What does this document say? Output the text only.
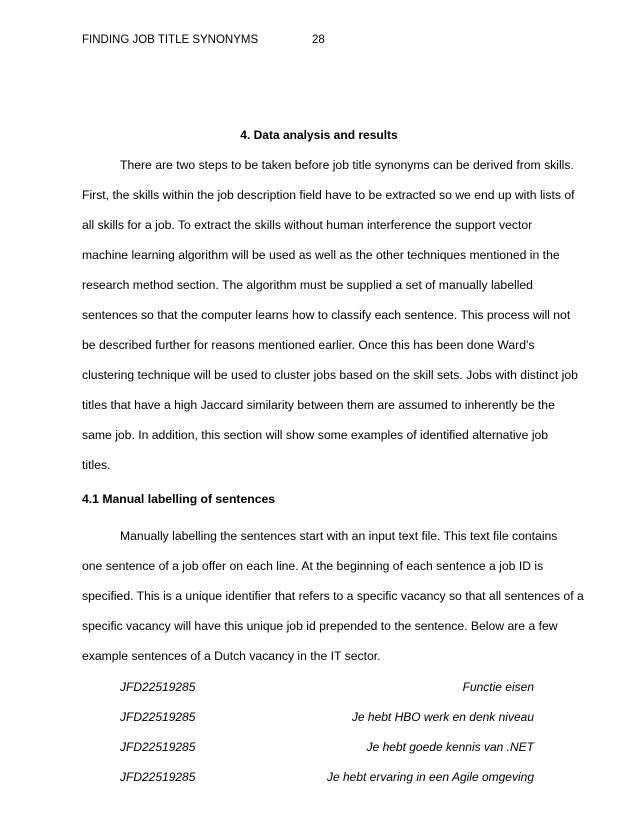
FINDING JOB TITLE SYNONYMS	28
4. Data analysis and results
There are two steps to be taken before job title synonyms can be derived from skills.
First, the skills within the job description field have to be extracted so we end up with lists of
all skills for a job. To extract the skills without human interference the support vector
machine learning algorithm will be used as well as the other techniques mentioned in the
research method section. The algorithm must be supplied a set of manually labelled
sentences so that the computer learns how to classify each sentence. This process will not
be described further for reasons mentioned earlier. Once this has been done Ward’s
clustering technique will be used to cluster jobs based on the skill sets. Jobs with distinct job
titles that have a high Jaccard similarity between them are assumed to inherently be the
same job. In addition, this section will show some examples of identified alternative job
titles.
4.1 Manual labelling of sentences
Manually labelling the sentences start with an input text file. This text file contains
one sentence of a job offer on each line. At the beginning of each sentence a job ID is
specified. This is a unique identifier that refers to a specific vacancy so that all sentences of a
specific vacancy will have this unique job id prepended to the sentence. Below are a few
example sentences of a Dutch vacancy in the IT sector.
JFD22519285	Functie eisen
JFD22519285	Je hebt HBO werk en denk niveau
JFD22519285	Je hebt goede kennis van .NET
JFD22519285	Je hebt ervaring in een Agile omgeving
